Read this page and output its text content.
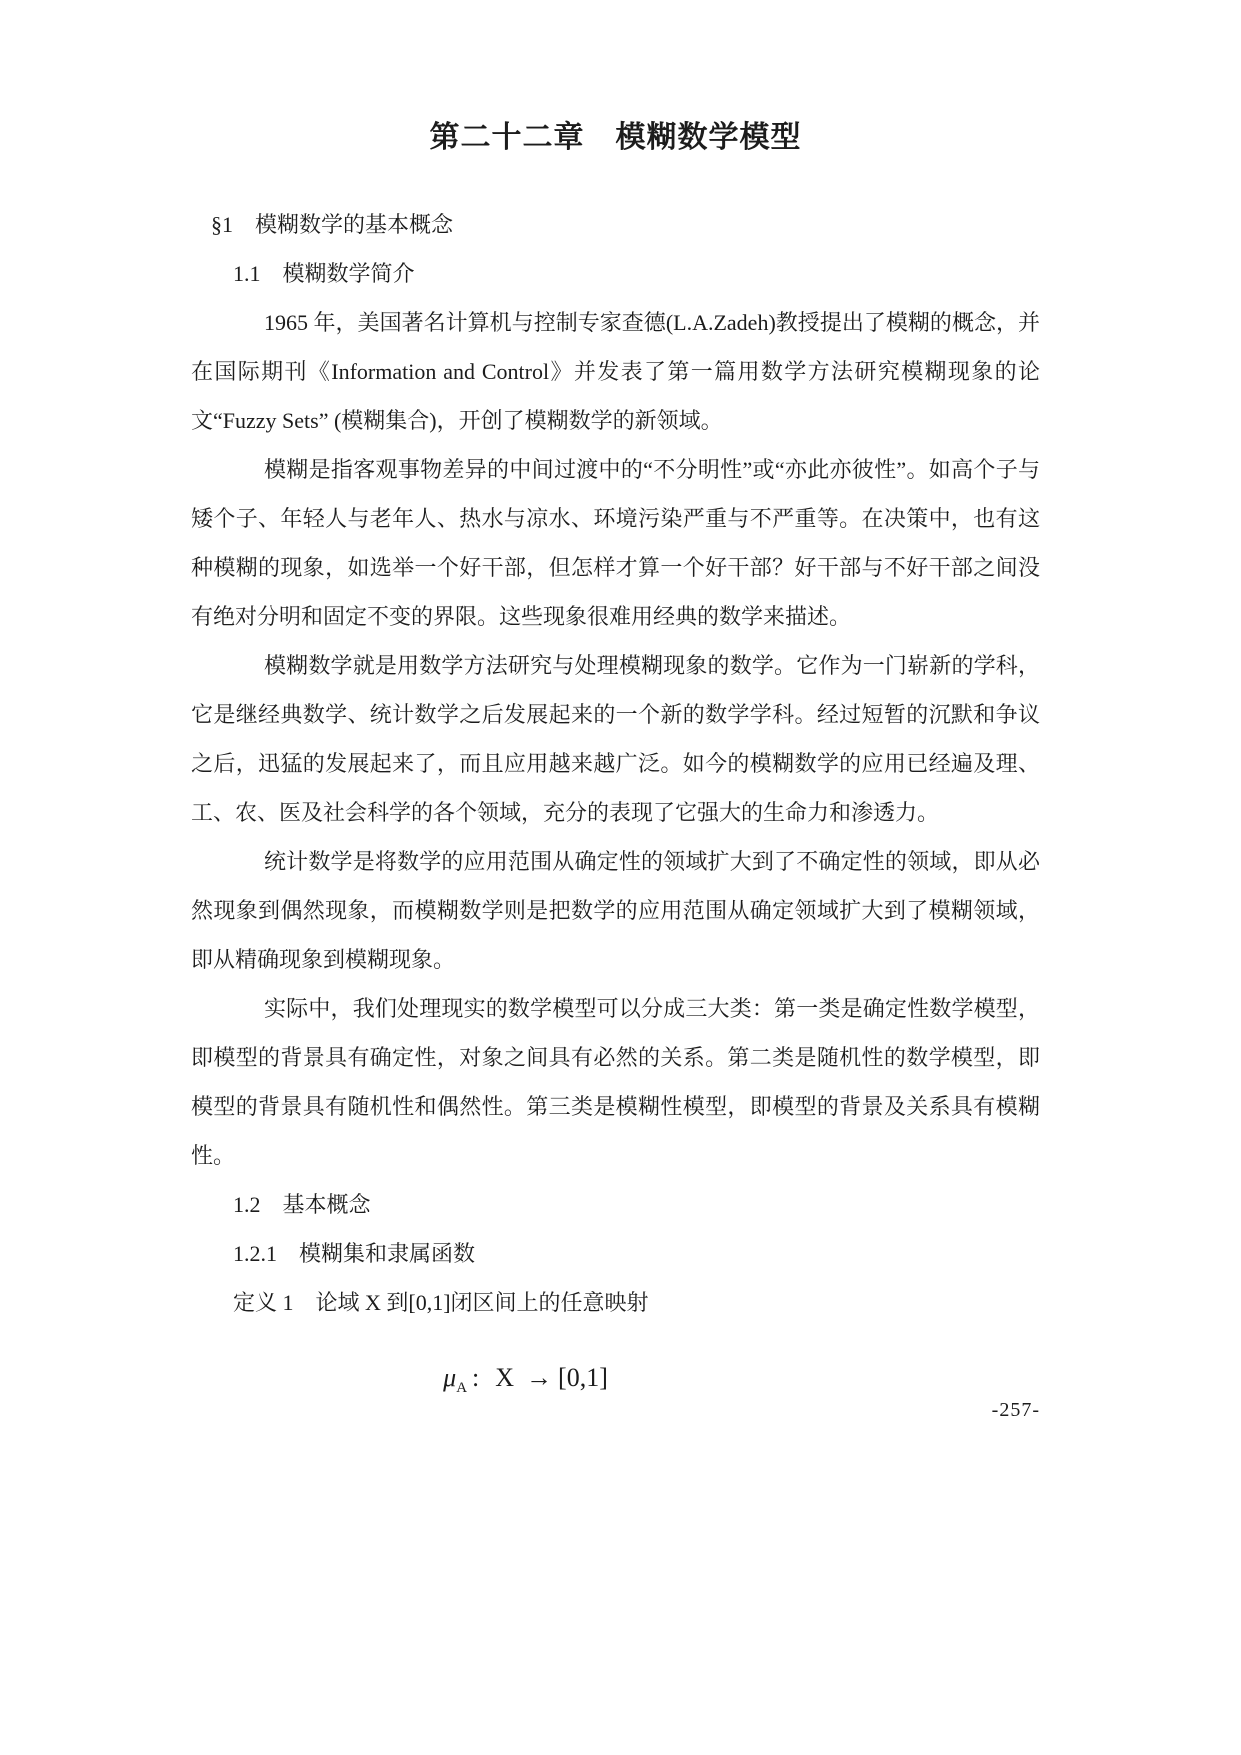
第二十二章　模糊数学模型
§1　模糊数学的基本概念
1.1　模糊数学简介

1965 年，美国著名计算机与控制专家查德(L.A.Zadeh)教授提出了模糊的概念，并在国际期刊《Information and Control》并发表了第一篇用数学方法研究模糊现象的论文“Fuzzy Sets” (模糊集合)，开创了模糊数学的新领域。

模糊是指客观事物差异的中间过渡中的“不分明性”或“亦此亦彼性”。如高个子与矮个子、年轻人与老年人、热水与凉水、环境污染严重与不严重等。在决策中，也有这种模糊的现象，如选举一个好干部，但怎样才算一个好干部？好干部与不好干部之间没有绝对分明和固定不变的界限。这些现象很难用经典的数学来描述。

模糊数学就是用数学方法研究与处理模糊现象的数学。它作为一门崭新的学科，它是继经典数学、统计数学之后发展起来的一个新的数学学科。经过短暂的沉默和争议之后，迅猛的发展起来了，而且应用越来越广泛。如今的模糊数学的应用已经遍及理、工、农、医及社会科学的各个领域，充分的表现了它强大的生命力和渗透力。

统计数学是将数学的应用范围从确定性的领域扩大到了不确定性的领域，即从必然现象到偶然现象，而模糊数学则是把数学的应用范围从确定领域扩大到了模糊领域，即从精确现象到模糊现象。

实际中，我们处理现实的数学模型可以分成三大类：第一类是确定性数学模型，即模型的背景具有确定性，对象之间具有必然的关系。第二类是随机性的数学模型，即模型的背景具有随机性和偶然性。第三类是模糊性模型，即模型的背景及关系具有模糊性。

1.2　基本概念
1.2.1　模糊集和隶属函数

定义 1　论域 X 到[0,1]闭区间上的任意映射

$\mu_A$ : X → [0,1]
-257-
